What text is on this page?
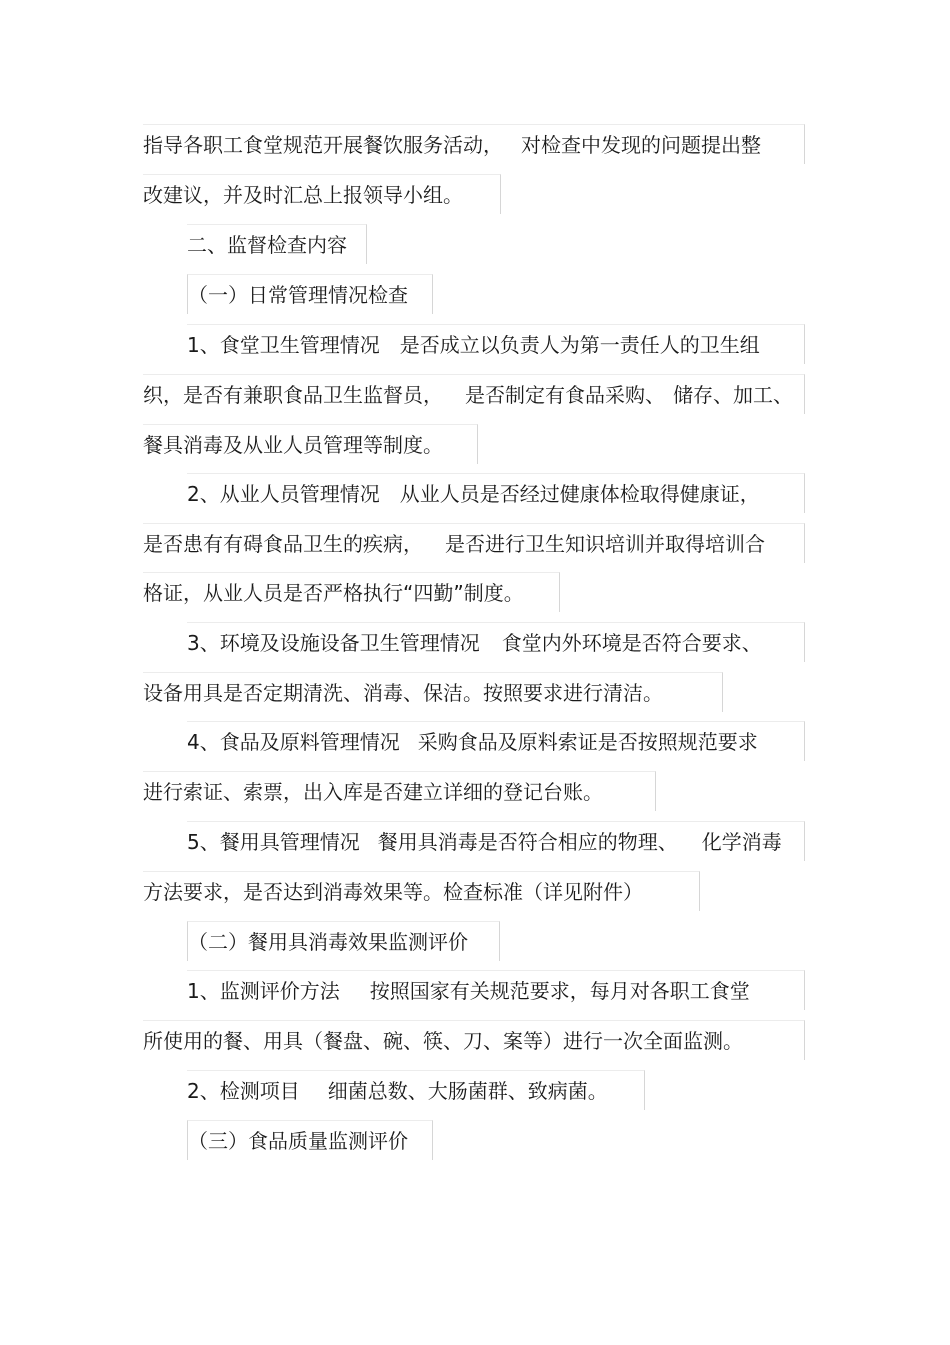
指导各职工食堂规范开展餐饮服务活动， 对检查中发现的问题提出整
改建议，并及时汇总上报领导小组。
二、监督检查内容
（一）日常管理情况检查
1、食堂卫生管理情况 是否成立以负责人为第一责任人的卫生组
织，是否有兼职食品卫生监督员， 是否制定有食品采购、 储存、加工、
餐具消毒及从业人员管理等制度。
2、从业人员管理情况 从业人员是否经过健康体检取得健康证，
是否患有有碍食品卫生的疾病， 是否进行卫生知识培训并取得培训合
格证，从业人员是否严格执行“四勤”制度。
3、环境及设施设备卫生管理情况 食堂内外环境是否符合要求、
设备用具是否定期清洗、消毒、保洁。按照要求进行清洁。
4、食品及原料管理情况 采购食品及原料索证是否按照规范要求
进行索证、索票，出入库是否建立详细的登记台账。
5、餐用具管理情况 餐用具消毒是否符合相应的物理、 化学消毒
方法要求，是否达到消毒效果等。检查标准（详见附件）
（二）餐用具消毒效果监测评价
1、监测评价方法 按照国家有关规范要求，每月对各职工食堂
所使用的餐、用具（餐盘、碗、筷、刀、案等）进行一次全面监测。
2、检测项目 细菌总数、大肠菌群、致病菌。
（三）食品质量监测评价
